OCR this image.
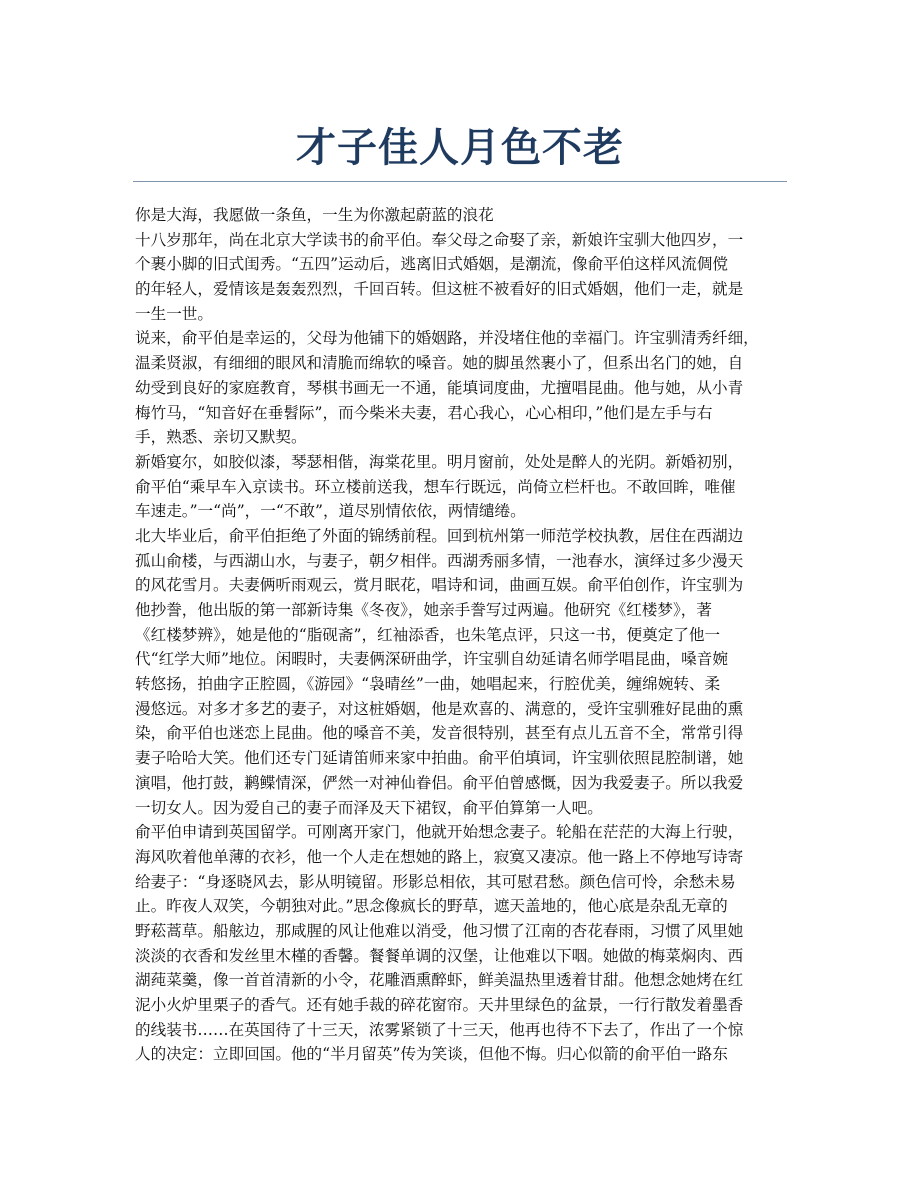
才子佳人月色不老
你是大海，我愿做一条鱼，一生为你激起蔚蓝的浪花
十八岁那年，尚在北京大学读书的俞平伯。奉父母之命娶了亲，新娘许宝驯大他四岁，一
个裹小脚的旧式闺秀。“五四”运动后，逃离旧式婚姻，是潮流，像俞平伯这样风流倜傥
的年轻人，爱情该是轰轰烈烈，千回百转。但这桩不被看好的旧式婚姻，他们一走，就是
一生一世。
说来，俞平伯是幸运的，父母为他铺下的婚姻路，并没堵住他的幸福门。许宝驯清秀纤细，
温柔贤淑，有细细的眼风和清脆而绵软的嗓音。她的脚虽然裹小了，但系出名门的她，自
幼受到良好的家庭教育，琴棋书画无一不通，能填词度曲，尤擅唱昆曲。他与她，从小青
梅竹马，“知音好在垂髫际”，而今柴米夫妻，君心我心，心心相印，”他们是左手与右
手，熟悉、亲切又默契。
新婚宴尔，如胶似漆，琴瑟相偕，海棠花里。明月窗前，处处是醉人的光阴。新婚初别，
俞平伯“乘早车入京读书。环立楼前送我，想车行既远，尚倚立栏杆也。不敢回眸，唯催
车速走。”一“尚”，一“不敢”，道尽别情依依，两情缱绻。
北大毕业后，俞平伯拒绝了外面的锦绣前程。回到杭州第一师范学校执教，居住在西湖边
孤山俞楼，与西湖山水，与妻子，朝夕相伴。西湖秀丽多情，一池春水，演绎过多少漫天
的风花雪月。夫妻俩听雨观云，赏月眠花，唱诗和词，曲画互娱。俞平伯创作，许宝驯为
他抄誊，他出版的第一部新诗集《冬夜》，她亲手誊写过两遍。他研究《红楼梦》，著
《红楼梦辨》，她是他的“脂砚斋”，红袖添香，也朱笔点评，只这一书，便奠定了他一
代“红学大师”地位。闲暇时，夫妻俩深研曲学，许宝驯自幼延请名师学唱昆曲，嗓音婉
转悠扬，拍曲字正腔圆，《游园》“袅晴丝”一曲，她唱起来，行腔优美，缠绵婉转、柔
漫悠远。对多才多艺的妻子，对这桩婚姻，他是欢喜的、满意的，受许宝驯雅好昆曲的熏
染，俞平伯也迷恋上昆曲。他的嗓音不美，发音很特别，甚至有点儿五音不全，常常引得
妻子哈哈大笑。他们还专门延请笛师来家中拍曲。俞平伯填词，许宝驯依照昆腔制谱，她
演唱，他打鼓，鹣鲽情深，俨然一对神仙眷侣。俞平伯曾感慨，因为我爱妻子。所以我爱
一切女人。因为爱自己的妻子而泽及天下裙钗，俞平伯算第一人吧。
俞平伯申请到英国留学。可刚离开家门，他就开始想念妻子。轮船在茫茫的大海上行驶，
海风吹着他单薄的衣衫，他一个人走在想她的路上，寂寞又凄凉。他一路上不停地写诗寄
给妻子：“身逐晓风去，影从明镜留。形影总相依，其可慰君愁。颜色信可怜，余愁未易
止。昨夜人双笑，今朝独对此。”思念像疯长的野草，遮天盖地的，他心底是杂乱无章的
野菘蒿草。船舷边，那咸腥的风让他难以消受，他习惯了江南的杏花春雨，习惯了风里她
淡淡的衣香和发丝里木槿的香馨。餐餐单调的汉堡，让他难以下咽。她做的梅菜焖肉、西
湖莼菜羹，像一首首清新的小令，花雕酒熏醉虾，鲜美温热里透着甘甜。他想念她烤在红
泥小火炉里栗子的香气。还有她手裁的碎花窗帘。天井里绿色的盆景，一行行散发着墨香
的线装书……在英国待了十三天，浓雾紧锁了十三天，他再也待不下去了，作出了一个惊
人的决定：立即回国。他的“半月留英”传为笑谈，但他不悔。归心似箭的俞平伯一路东
